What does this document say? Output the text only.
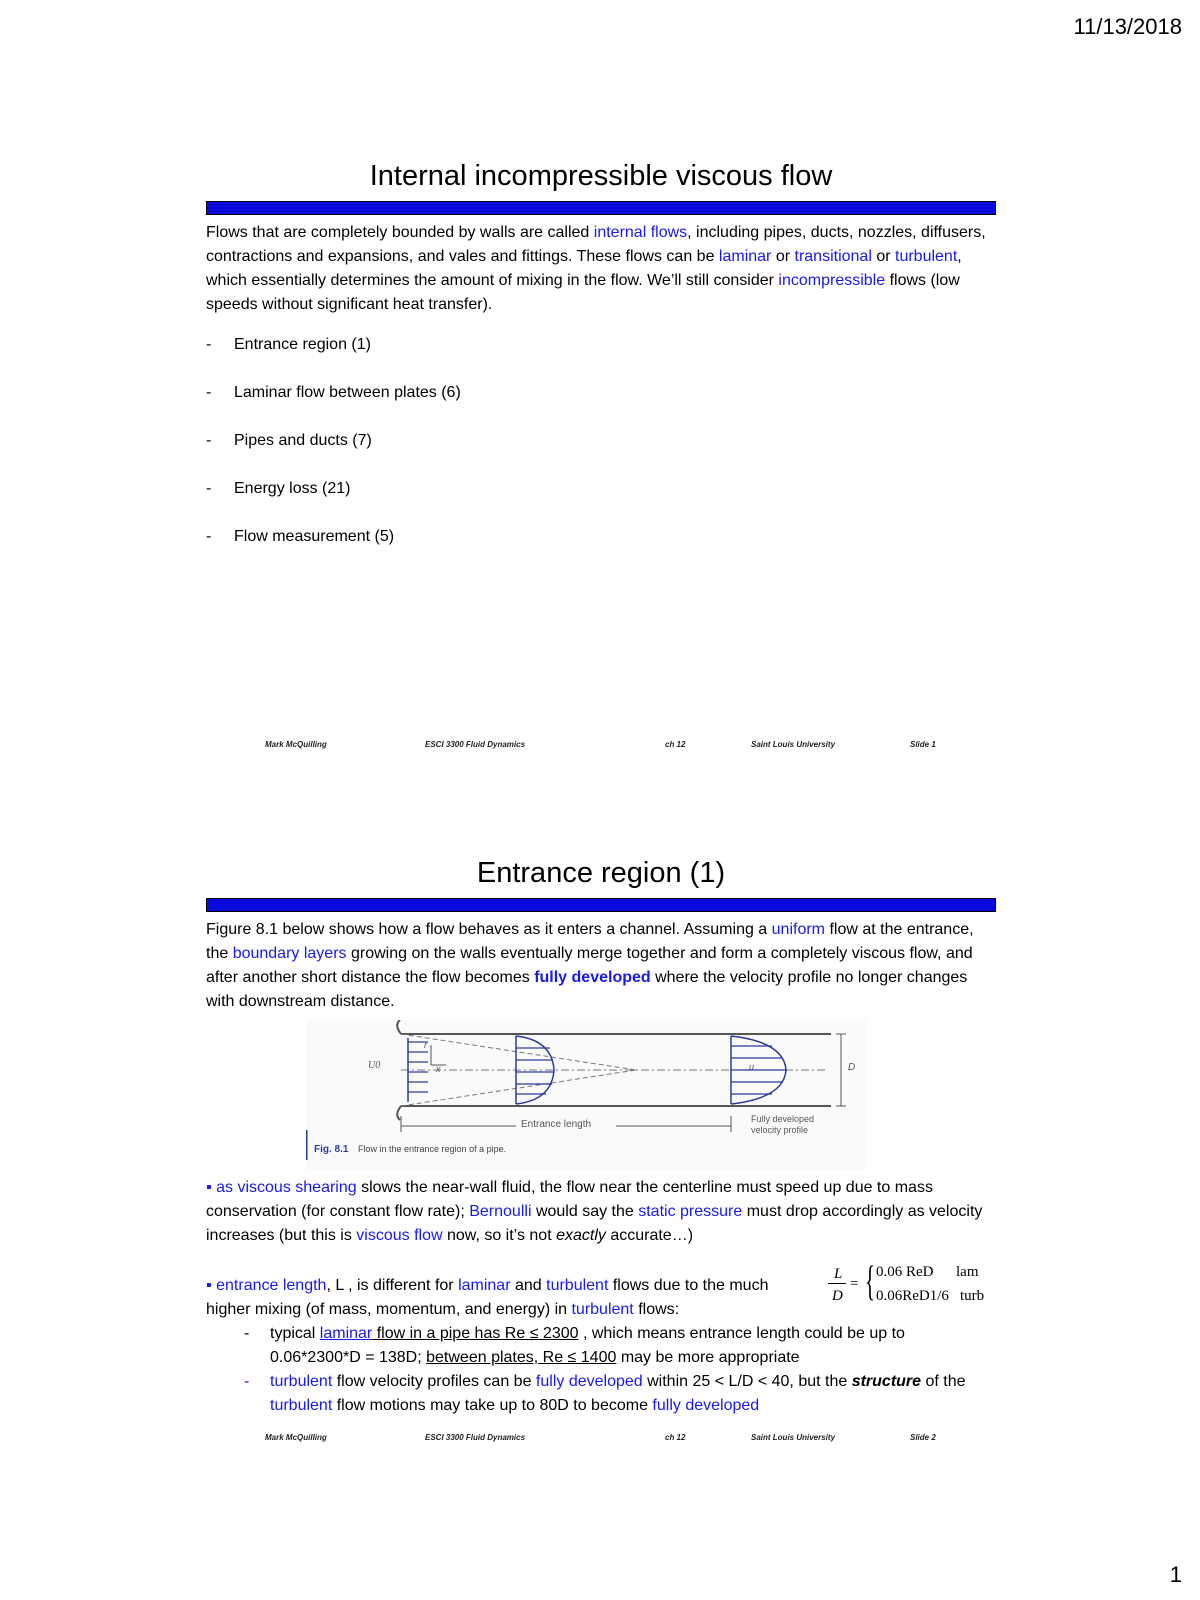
11/13/2018
Internal incompressible viscous flow

Flows that are completely bounded by walls are called internal flows, including pipes, ducts, nozzles, diffusers, contractions and expansions, and vales and fittings. These flows can be laminar or transitional or turbulent, which essentially determines the amount of mixing in the flow. We’ll still consider incompressible flows (low speeds without significant heat transfer).

- Entrance region (1)
- Laminar flow between plates (6)
- Pipes and ducts (7)
- Energy loss (21)
- Flow measurement (5)
Mark McQuilling	ESCI 3300 Fluid Dynamics	ch 12	Saint Louis University	Slide 1
Entrance region (1)

Figure 8.1 below shows how a flow behaves as it enters a channel. Assuming a uniform flow at the entrance, the boundary layers growing on the walls eventually merge together and form a completely viscous flow, and after another short distance the flow becomes fully developed where the velocity profile no longer changes with downstream distance.

U0
r
x	D
u
Entrance length	Fully developed velocity profile
Fig. 8.1 Flow in the entrance region of a pipe.

▪ as viscous shearing slows the near-wall fluid, the flow near the centerline must speed up due to mass conservation (for constant flow rate); Bernoulli would say the static pressure must drop accordingly as velocity increases (but this is viscous flow now, so it’s not exactly accurate…)

▪ entrance length, L , is different for laminar and turbulent flows due to the much higher mixing (of mass, momentum, and energy) in turbulent flows:

L
D
= { 0.06 ReD lam
0.06ReD1/6 turb
- typical laminar flow in a pipe has Re ≤ 2300 , which means entrance length could be up to 0.06*2300*D = 138D; between plates, Re ≤ 1400 may be more appropriate
- turbulent flow velocity profiles can be fully developed within 25 < L/D < 40, but the structure of the turbulent flow motions may take up to 80D to become fully developed
Mark McQuilling	ESCI 3300 Fluid Dynamics	ch 12	Saint Louis University	Slide 2
1
